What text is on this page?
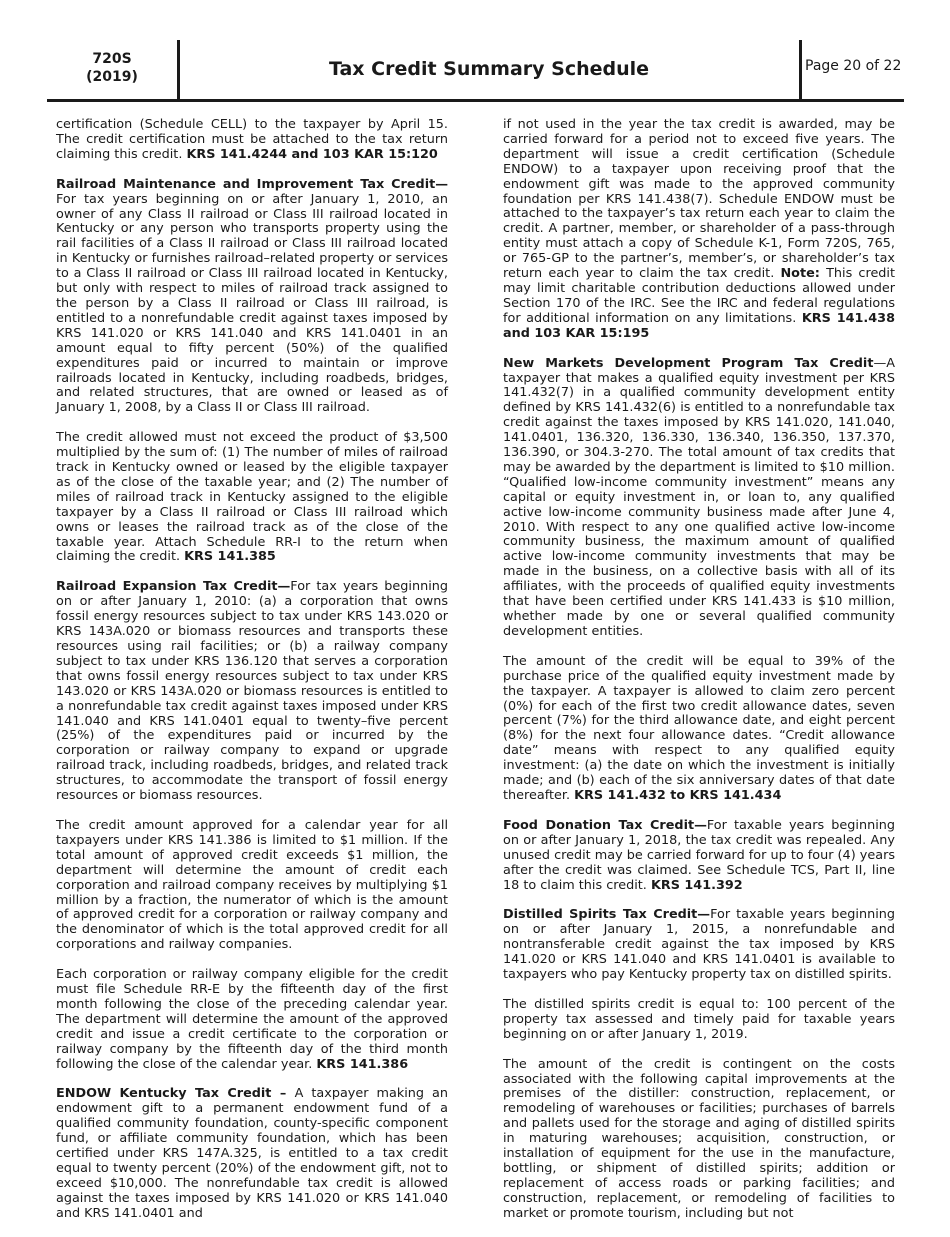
720S
(2019)	Tax Credit Summary Schedule	Page 20 of 22

certification (Schedule CELL) to the taxpayer by April 15. The credit certification must be attached to the tax return claiming this credit. KRS 141.4244 and 103 KAR 15:120

Railroad Maintenance and Improvement Tax Credit—For tax years beginning on or after January 1, 2010, an owner of any Class II railroad or Class III railroad located in Kentucky or any person who transports property using the rail facilities of a Class II railroad or Class III railroad located in Kentucky or furnishes railroad–related property or services to a Class II railroad or Class III railroad located in Kentucky, but only with respect to miles of railroad track assigned to the person by a Class II railroad or Class III railroad, is entitled to a nonrefundable credit against taxes imposed by KRS 141.020 or KRS 141.040 and KRS 141.0401 in an amount equal to fifty percent (50%) of the qualified expenditures paid or incurred to maintain or improve railroads located in Kentucky, including roadbeds, bridges, and related structures, that are owned or leased as of January 1, 2008, by a Class II or Class III railroad.

The credit allowed must not exceed the product of $3,500 multiplied by the sum of: (1) The number of miles of railroad track in Kentucky owned or leased by the eligible taxpayer as of the close of the taxable year; and (2) The number of miles of railroad track in Kentucky assigned to the eligible taxpayer by a Class II railroad or Class III railroad which owns or leases the railroad track as of the close of the taxable year. Attach Schedule RR-I to the return when claiming the credit. KRS 141.385

Railroad Expansion Tax Credit—For tax years beginning on or after January 1, 2010: (a) a corporation that owns fossil energy resources subject to tax under KRS 143.020 or KRS 143A.020 or biomass resources and transports these resources using rail facilities; or (b) a railway company subject to tax under KRS 136.120 that serves a corporation that owns fossil energy resources subject to tax under KRS 143.020 or KRS 143A.020 or biomass resources is entitled to a nonrefundable tax credit against taxes imposed under KRS 141.040 and KRS 141.0401 equal to twenty–five percent (25%) of the expenditures paid or incurred by the corporation or railway company to expand or upgrade railroad track, including roadbeds, bridges, and related track structures, to accommodate the transport of fossil energy resources or biomass resources.

The credit amount approved for a calendar year for all taxpayers under KRS 141.386 is limited to $1 million. If the total amount of approved credit exceeds $1 million, the department will determine the amount of credit each corporation and railroad company receives by multiplying $1 million by a fraction, the numerator of which is the amount of approved credit for a corporation or railway company and the denominator of which is the total approved credit for all corporations and railway companies.

Each corporation or railway company eligible for the credit must file Schedule RR-E by the fifteenth day of the first month following the close of the preceding calendar year. The department will determine the amount of the approved credit and issue a credit certificate to the corporation or railway company by the fifteenth day of the third month following the close of the calendar year. KRS 141.386

ENDOW Kentucky Tax Credit – A taxpayer making an endowment gift to a permanent endowment fund of a qualified community foundation, county-specific component fund, or affiliate community foundation, which has been certified under KRS 147A.325, is entitled to a tax credit equal to twenty percent (20%) of the endowment gift, not to exceed $10,000. The nonrefundable tax credit is allowed against the taxes imposed by KRS 141.020 or KRS 141.040 and KRS 141.0401 and

if not used in the year the tax credit is awarded, may be carried forward for a period not to exceed five years. The department will issue a credit certification (Schedule ENDOW) to a taxpayer upon receiving proof that the endowment gift was made to the approved community foundation per KRS 141.438(7). Schedule ENDOW must be attached to the taxpayer’s tax return each year to claim the credit. A partner, member, or shareholder of a pass-through entity must attach a copy of Schedule K-1, Form 720S, 765, or 765-GP to the partner’s, member’s, or shareholder’s tax return each year to claim the tax credit. Note: This credit may limit charitable contribution deductions allowed under Section 170 of the IRC. See the IRC and federal regulations for additional information on any limitations. KRS 141.438 and 103 KAR 15:195

New Markets Development Program Tax Credit—A taxpayer that makes a qualified equity investment per KRS 141.432(7) in a qualified community development entity defined by KRS 141.432(6) is entitled to a nonrefundable tax credit against the taxes imposed by KRS 141.020, 141.040, 141.0401, 136.320, 136.330, 136.340, 136.350, 137.370, 136.390, or 304.3-270. The total amount of tax credits that may be awarded by the department is limited to $10 million. “Qualified low-income community investment” means any capital or equity investment in, or loan to, any qualified active low-income community business made after June 4, 2010. With respect to any one qualified active low-income community business, the maximum amount of qualified active low-income community investments that may be made in the business, on a collective basis with all of its affiliates, with the proceeds of qualified equity investments that have been certified under KRS 141.433 is $10 million, whether made by one or several qualified community development entities.

The amount of the credit will be equal to 39% of the purchase price of the qualified equity investment made by the taxpayer. A taxpayer is allowed to claim zero percent (0%) for each of the first two credit allowance dates, seven percent (7%) for the third allowance date, and eight percent (8%) for the next four allowance dates. “Credit allowance date” means with respect to any qualified equity investment: (a) the date on which the investment is initially made; and (b) each of the six anniversary dates of that date thereafter. KRS 141.432 to KRS 141.434

Food Donation Tax Credit—For taxable years beginning on or after January 1, 2018, the tax credit was repealed. Any unused credit may be carried forward for up to four (4) years after the credit was claimed. See Schedule TCS, Part II, line 18 to claim this credit. KRS 141.392

Distilled Spirits Tax Credit—For taxable years beginning on or after January 1, 2015, a nonrefundable and nontransferable credit against the tax imposed by KRS 141.020 or KRS 141.040 and KRS 141.0401 is available to taxpayers who pay Kentucky property tax on distilled spirits.

The distilled spirits credit is equal to: 100 percent of the property tax assessed and timely paid for taxable years beginning on or after January 1, 2019.

The amount of the credit is contingent on the costs associated with the following capital improvements at the premises of the distiller: construction, replacement, or remodeling of warehouses or facilities; purchases of barrels and pallets used for the storage and aging of distilled spirits in maturing warehouses; acquisition, construction, or installation of equipment for the use in the manufacture, bottling, or shipment of distilled spirits; addition or replacement of access roads or parking facilities; and construction, replacement, or remodeling of facilities to market or promote tourism, including but not
